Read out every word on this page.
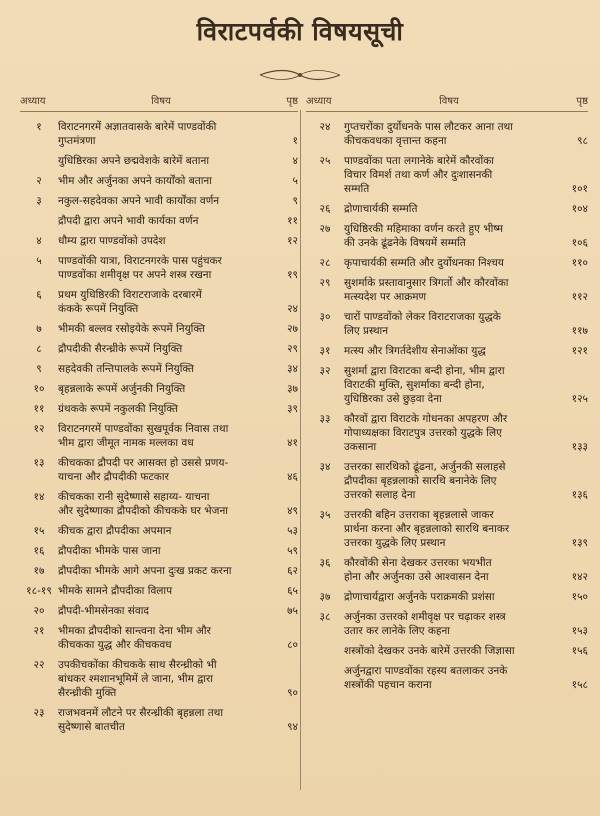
विराटपर्वकी विषयसूची
अध्याय	विषय	पृष्ठ
१	विराटनगरमें अज्ञातवासके बारेमें पाण्डवोंकी
गुप्तमंत्रणा	१
युधिष्ठिरका अपने छद्मवेशके बारेमें बताना	४
२	भीम और अर्जुनका अपने कार्योंको बताना	५
३	नकुल-सहदेवका अपने भावी कार्योंका वर्णन	९
द्रौपदी द्वारा अपने भावी कार्यका वर्णन	११
४	धौम्य द्वारा पाण्डवोंको उपदेश	१२
५	पाण्डवोंकी यात्रा, विराटनगरके पास पहुंचकर
पाण्डवोंका शमीवृक्ष पर अपने शस्त्र रखना	१९
६	प्रथम युधिष्ठिरकी विराटराजाके दरबारमें
कंकके रूपमें नियुक्ति	२४
७	भीमकी बल्लव रसोइयेके रूपमें नियुक्ति	२७
८	द्रौपदीकी सैरन्ध्रीके रूपमें नियुक्ति	२९
९	सहदेवकी तन्तिपालके रूपमें नियुक्ति	३४
१०	बृहन्नलाके रूपमें अर्जुनकी नियुक्ति	३७
११	ग्रंथकके रूपमें नकुलकी नियुक्ति	३९
१२	विराटनगरमें पाण्डवोंका सुखपूर्वक निवास तथा
भीम द्वारा जीमूत नामक मल्लका वध	४१
१३	कीचकका द्रौपदी पर आसक्त हो उससे प्रणय-
याचना और द्रौपदीकी फटकार	४६
१४	कीचकका रानी सुदेष्णासे सहाय्य- याचना
और सुदेष्णाका द्रौपदीको कीचकके घर भेजना	४९
१५	कीचक द्वारा द्रौपदीका अपमान	५३
१६	द्रौपदीका भीमके पास जाना	५९
१७	द्रौपदीका भीमके आगे अपना दुःख प्रकट करना	६२
१८-१९ भीमके सामने द्रौपदीका विलाप	६५
२०	द्रौपदी-भीमसेनका संवाद	७५
२१	भीमका द्रौपदीको सान्त्वना देना भीम और
कीचकका युद्ध और कीचकवध	८०
२२	उपकीचकोंका कीचकके साथ सैरन्ध्रीको भी
बांधकर श्मशानभूमिमें ले जाना, भीम द्वारा
सैरन्ध्रीकी मुक्ति	९०
२३	राजभवनमें लौटने पर सैरन्ध्रीकी बृहन्नला तथा
सुदेष्णासे बातचीत	९४
अध्याय	विषय	पृष्ठ
२४	गुप्तचरोंका दुर्योधनके पास लौटकर आना तथा
कीचकवधका वृत्तान्त कहना	९८
२५	पाण्डवोंका पता लगानेके बारेमें कौरवोंका
विचार विमर्श तथा कर्ण और दुःशासनकी
सम्मति	१०१
२६	द्रोणाचार्यकी सम्मति	१०४
२७	युधिष्ठिरकी महिमाका वर्णन करते हुए भीष्म
की उनके ढूंढनेके विषयमें सम्मति	१०६
२८	कृपाचार्यकी सम्मति और दुर्योधनका निश्चय	११०
२९	सुशर्माके प्रस्तावानुसार त्रिगर्तो और कौरवोंका
मत्स्यदेश पर आक्रमण	११२
३०	चारों पाण्डवोंको लेकर विराटराजका युद्धके
लिए प्रस्थान	११७
३१	मत्स्य और त्रिगर्तदेशीय सेनाओंका युद्ध	१२१
३२	सुशर्मा द्वारा विराटका बन्दी होना, भीम द्वारा
विराटकी मुक्ति, सुशर्माका बन्दी होना,
युधिष्ठिरका उसे छुड़वा देना	१२५
३३	कौरवों द्वारा विराटके गोधनका अपहरण और
गोपाध्यक्षका विराटपुत्र उत्तरको युद्धके लिए
उकसाना	१३३
३४	उत्तरका सारथिको ढूंढना, अर्जुनकी सलाहसे
द्रौपदीका बृहन्नलाको सारथि बनानेके लिए
उत्तरको सलाह देना	१३६
३५	उत्तरकी बहिन उत्तराका बृहन्नलासे जाकर
प्रार्थना करना और बृहन्नलाको सारथि बनाकर
उत्तरका युद्धके लिए प्रस्थान	१३९
३६	कौरवोंकी सेना देखकर उत्तरका भयभीत
होना और अर्जुनका उसे आश्वासन देना	१४२
३७	द्रोणाचार्यद्वारा अर्जुनके पराक्रमकी प्रशंसा	१५०
३८	अर्जुनका उत्तरको शमीवृक्ष पर चढ़ाकर शस्त्र
उतार कर लानेके लिए कहना	१५३
शस्त्रोंको देखकर उनके बारेमें उत्तरकी जिज्ञासा	१५६
अर्जुनद्वारा पाण्डवोंका रहस्य बतलाकर उनके
शस्त्रोंकी पहचान कराना	१५८
